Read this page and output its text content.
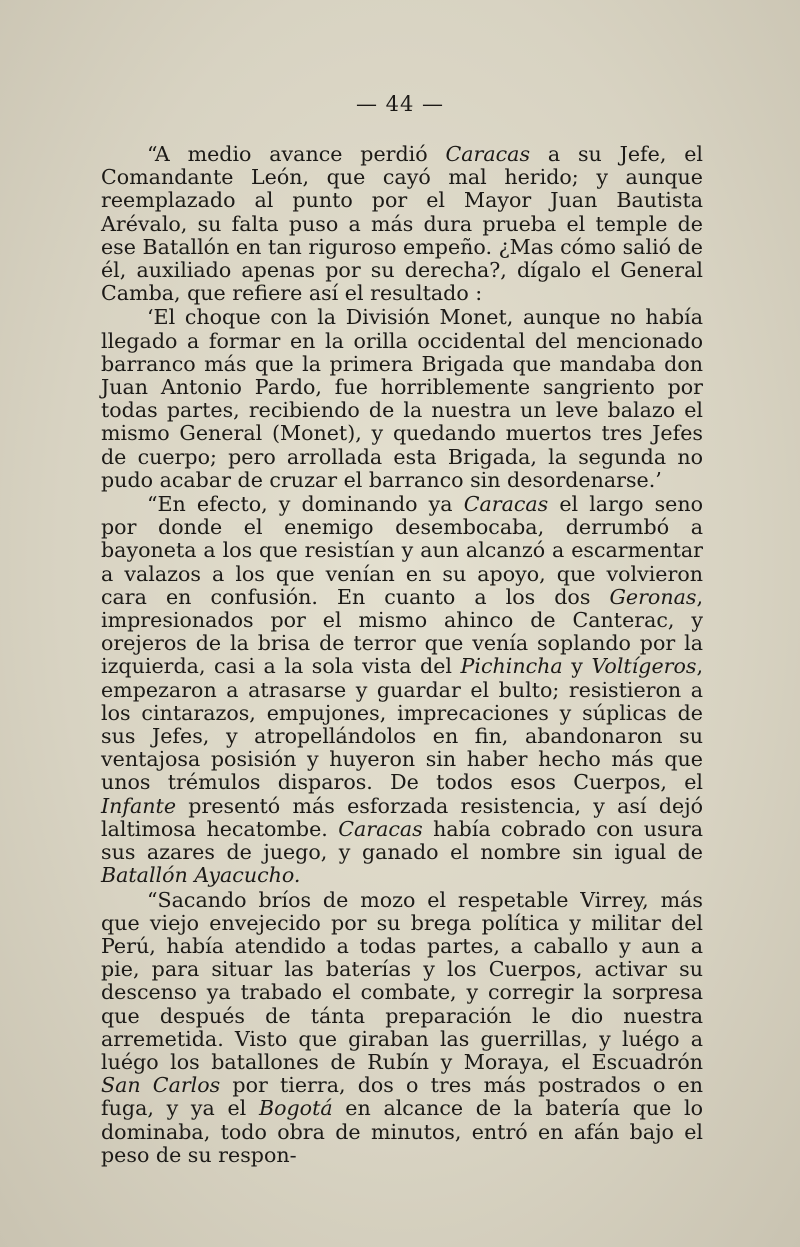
— 44 —

“A medio avance perdió Caracas a su Jefe, el Comandante León, que cayó mal herido; y aunque reemplazado al punto por el Mayor Juan Bautista Arévalo, su falta puso a más dura prueba el temple de ese Batallón en tan riguroso empeño. ¿Mas cómo salió de él, auxiliado apenas por su derecha?, dígalo el General Camba, que refiere así el resultado :

‘El choque con la División Monet, aunque no había llegado a formar en la orilla occidental del mencionado barranco más que la primera Brigada que mandaba don Juan Antonio Pardo, fue horriblemente sangriento por todas partes, recibiendo de la nuestra un leve balazo el mismo General (Monet), y quedando muertos tres Jefes de cuerpo; pero arrollada esta Brigada, la segunda no pudo acabar de cruzar el barranco sin desordenarse.’

“En efecto, y dominando ya Caracas el largo seno por donde el enemigo desembocaba, derrumbó a bayoneta a los que resistían y aun alcanzó a escarmentar a valazos a los que venían en su apoyo, que volvieron cara en confusión. En cuanto a los dos Geronas, impresionados por el mismo ahinco de Canterac, y orejeros de la brisa de terror que venía soplando por la izquierda, casi a la sola vista del Pichincha y Voltígeros, empezaron a atrasarse y guardar el bulto; resistieron a los cintarazos, empujones, imprecaciones y súplicas de sus Jefes, y atropellándolos en fin, abandonaron su ventajosa posisión y huyeron sin haber hecho más que unos trémulos disparos. De todos esos Cuerpos, el Infante presentó más esforzada resistencia, y así dejó laltimosa hecatombe. Caracas había cobrado con usura sus azares de juego, y ganado el nombre sin igual de Batallón Ayacucho.

“Sacando bríos de mozo el respetable Virrey, más que viejo envejecido por su brega política y militar del Perú, había atendido a todas partes, a caballo y aun a pie, para situar las baterías y los Cuerpos, activar su descenso ya trabado el combate, y corregir la sorpresa que después de tánta preparación le dio nuestra arremetida. Visto que giraban las guerrillas, y luégo a luégo los batallones de Rubín y Moraya, el Escuadrón San Carlos por tierra, dos o tres más postrados o en fuga, y ya el Bogotá en alcance de la batería que lo dominaba, todo obra de minutos, entró en afán bajo el peso de su respon-
